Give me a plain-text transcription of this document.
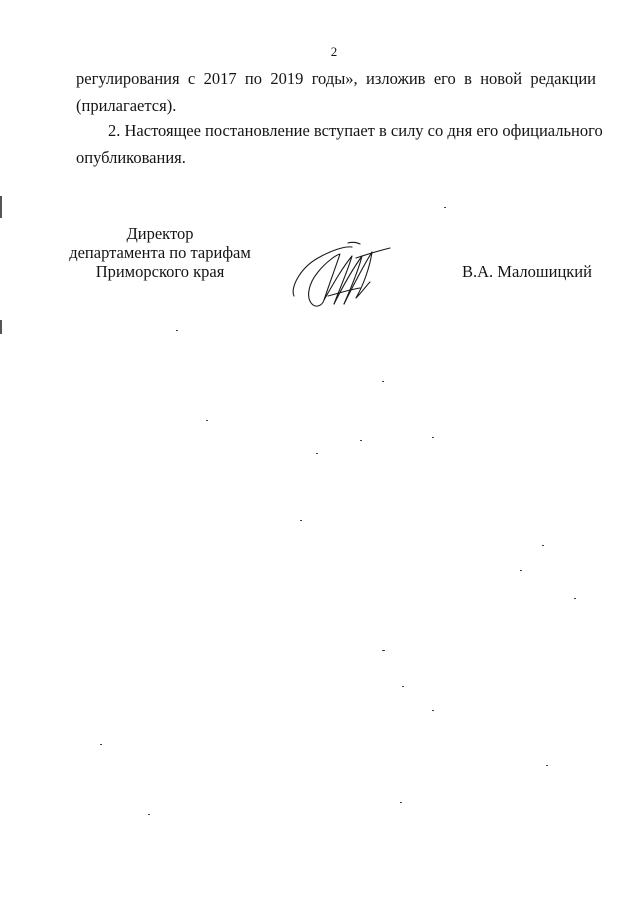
2

регулирования с 2017 по 2019 годы», изложив его в новой редакции
(прилагается).

2. Настоящее постановление вступает в силу со дня его официального
опубликования.

Директор
департамента по тарифам
Приморского края	В.А. Малошицкий
